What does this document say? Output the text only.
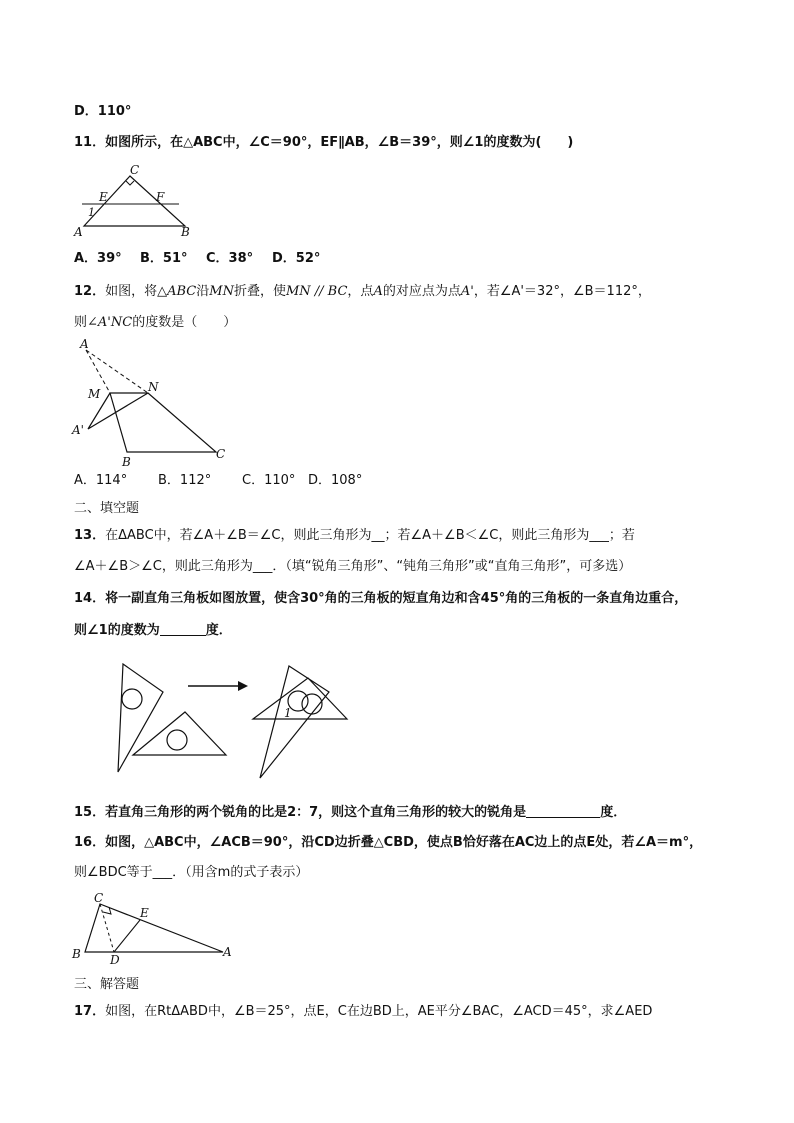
D．110°
11．如图所示，在△ABC中，∠C＝90°，EF∥AB，∠B＝39°，则∠1的度数为(　　)
C
E	F
1
A	B
A．39° B．51° C．38° D．52°
12．如图，将△ABC沿MN折叠，使MN // BC，点A的对应点为点A'，若∠A'＝32°，∠B＝112°，
则∠A'NC的度数是（　　）
A
M	N
A'
B
C
A．114° B．112° C．110° D．108°
二、填空题
13．在ΔABC中，若∠A＋∠B＝∠C，则此三角形为__；若∠A＋∠B＜∠C，则此三角形为___；若
∠A＋∠B＞∠C，则此三角形为___．（填“锐角三角形”、“钝角三角形”或“直角三角形”，可多选）
14．将一副直角三角板如图放置，使含30°角的三角板的短直角边和含45°角的三角板的一条直角边重合，
则∠1的度数为	度．
1
15．若直角三角形的两个锐角的比是2：7，则这个直角三角形的较大的锐角是	度．
16．如图，△ABC中，∠ACB＝90°，沿CD边折叠△CBD，使点B恰好落在AC边上的点E处，若∠A＝m°，
则∠BDC等于___．（用含m的式子表示）
C
E
B D
A
三、解答题
17．如图，在RtΔABD中，∠B＝25°，点E，C在边BD上，AE平分∠BAC，∠ACD＝45°，求∠AED
